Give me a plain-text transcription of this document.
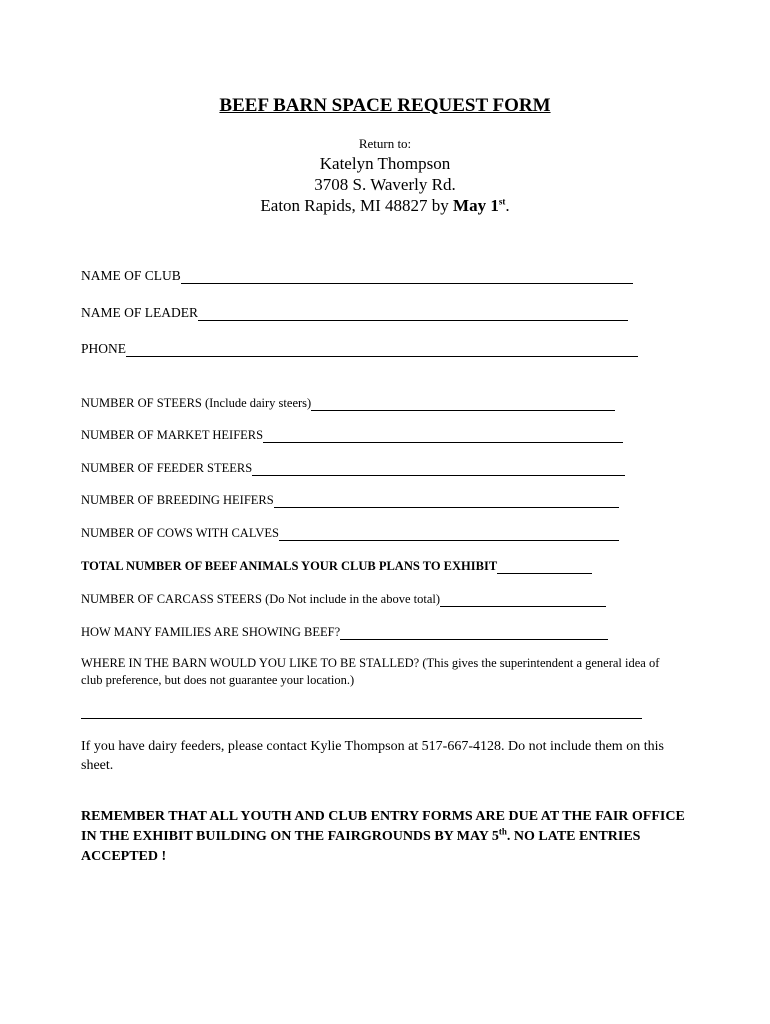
BEEF BARN SPACE REQUEST FORM
Return to:
Katelyn Thompson
3708 S. Waverly Rd.
Eaton Rapids, MI 48827 by May 1st.
NAME OF CLUB
NAME OF LEADER
PHONE
NUMBER OF STEERS (Include dairy steers)
NUMBER OF MARKET HEIFERS
NUMBER OF FEEDER STEERS
NUMBER OF BREEDING HEIFERS
NUMBER OF COWS WITH CALVES
TOTAL NUMBER OF BEEF ANIMALS YOUR CLUB PLANS TO EXHIBIT
NUMBER OF CARCASS STEERS (Do Not include in the above total)
HOW MANY FAMILIES ARE SHOWING BEEF?
WHERE IN THE BARN WOULD YOU LIKE TO BE STALLED? (This gives the superintendent a general idea of club preference, but does not guarantee your location.)
If you have dairy feeders, please contact Kylie Thompson at 517-667-4128. Do not include them on this sheet.
REMEMBER THAT ALL YOUTH AND CLUB ENTRY FORMS ARE DUE AT THE FAIR OFFICE IN THE EXHIBIT BUILDING ON THE FAIRGROUNDS BY MAY 5th. NO LATE ENTRIES ACCEPTED !
